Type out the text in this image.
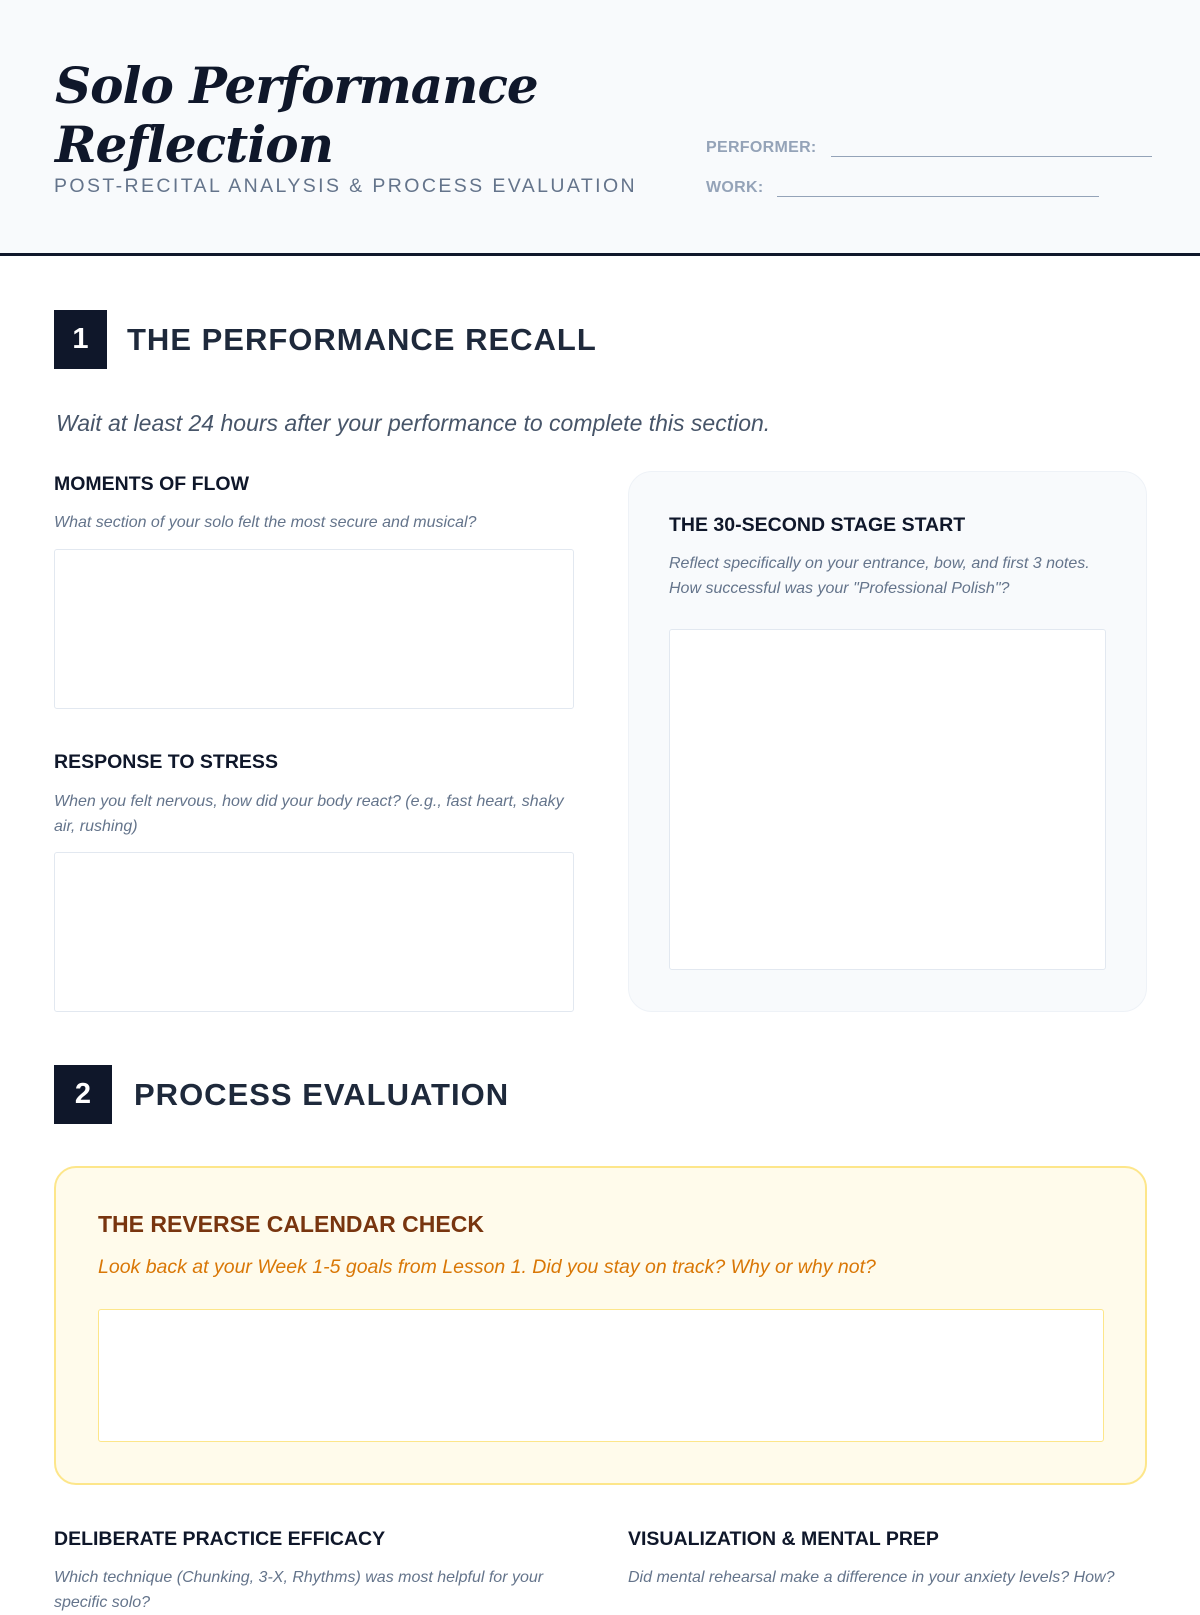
Solo Performance Reflection
POST-RECITAL ANALYSIS & PROCESS EVALUATION
PERFORMER:
WORK:
1	THE PERFORMANCE RECALL
Wait at least 24 hours after your performance to complete this section.
MOMENTS OF FLOW
What section of your solo felt the most secure and musical?
RESPONSE TO STRESS
When you felt nervous, how did your body react? (e.g., fast heart, shaky air, rushing)
THE 30-SECOND STAGE START
Reflect specifically on your entrance, bow, and first 3 notes. How successful was your "Professional Polish"?
2	PROCESS EVALUATION
THE REVERSE CALENDAR CHECK
Look back at your Week 1-5 goals from Lesson 1. Did you stay on track? Why or why not?
DELIBERATE PRACTICE EFFICACY
Which technique (Chunking, 3-X, Rhythms) was most helpful for your specific solo?
VISUALIZATION & MENTAL PREP
Did mental rehearsal make a difference in your anxiety levels? How?
